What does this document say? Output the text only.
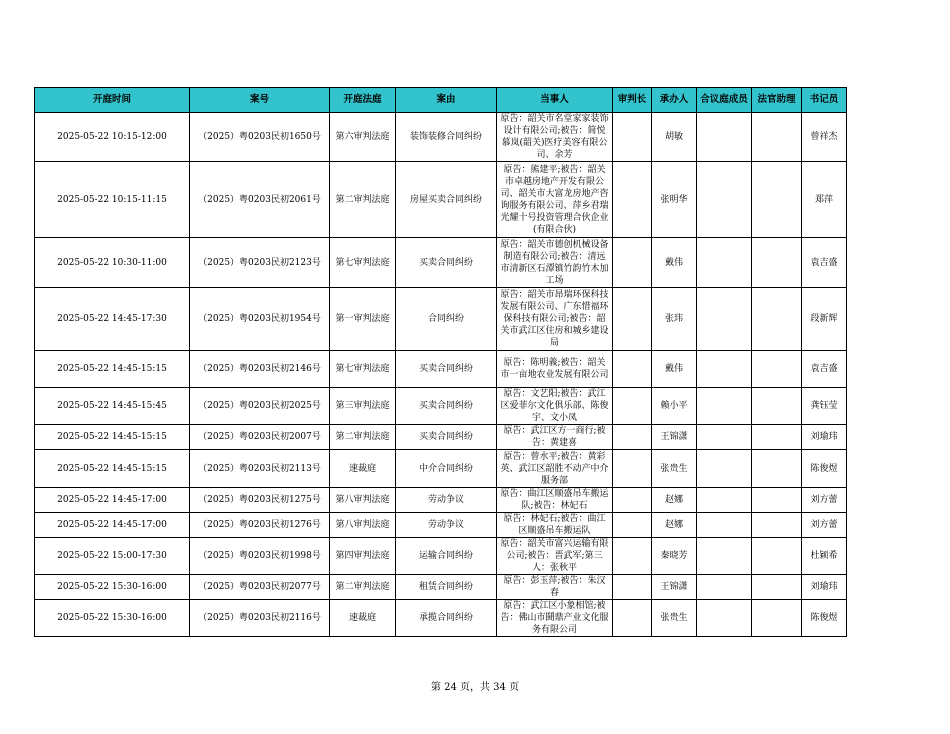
开庭时间	案号	开庭法庭	案由	当事人	审判长	承办人	合议庭成员	法官助理	书记员
2025-05-22 10:15-12:00	（2025）粤0203民初1650号	第六审判法庭	装饰装修合同纠纷	原告：韶关市名堂家家装饰设计有限公司;被告：简悦慕岚(韶关)医疗美容有限公司、余芳		胡敏			曾祥杰
2025-05-22 10:15-11:15	（2025）粤0203民初2061号	第二审判法庭	房屋买卖合同纠纷	原告：熊建平;被告：韶关市卓越房地产开发有限公司、韶关市大富龙房地产咨询服务有限公司、萍乡君瑞光耀十号投资管理合伙企业(有限合伙)		张明华			郑萍
2025-05-22 10:30-11:00	（2025）粤0203民初2123号	第七审判法庭	买卖合同纠纷	原告：韶关市德创机械设备制造有限公司;被告：清远市清新区石潭镇竹韵竹木加工场		戴伟			袁吉盛
2025-05-22 14:45-17:30	（2025）粤0203民初1954号	第一审判法庭	合同纠纷	原告：韶关市昂瑞环保科技发展有限公司、广东惜福环保科技有限公司;被告：韶关市武江区住房和城乡建设局		张玮			段新辉
2025-05-22 14:45-15:15	（2025）粤0203民初2146号	第七审判法庭	买卖合同纠纷	原告：陈明義;被告：韶关市一亩地农业发展有限公司		戴伟			袁吉盛
2025-05-22 14:45-15:45	（2025）粤0203民初2025号	第三审判法庭	买卖合同纠纷	原告：文艺阳;被告：武江区爱菲尔文化俱乐部、陈俊宇、文小凤		赖小平			龚钰莹
2025-05-22 14:45-15:15	（2025）粤0203民初2007号	第二审判法庭	买卖合同纠纷	原告：武江区方一商行;被告：黄建喜		王锦潇			刘瑜玮
2025-05-22 14:45-15:15	（2025）粤0203民初2113号	速裁庭	中介合同纠纷	原告：曾水平;被告：黄彩英、武江区韶胜不动产中介服务部		张贵生			陈俊煜
2025-05-22 14:45-17:00	（2025）粤0203民初1275号	第八审判法庭	劳动争议	原告：曲江区顺盛吊车搬运队;被告：林妃石		赵娜			刘方蕾
2025-05-22 14:45-17:00	（2025）粤0203民初1276号	第八审判法庭	劳动争议	原告：林妃石;被告：曲江区顺盛吊车搬运队		赵娜			刘方蕾
2025-05-22 15:00-17:30	（2025）粤0203民初1998号	第四审判法庭	运输合同纠纷	原告：韶关市富兴运输有限公司;被告：晋武军;第三人：张秋平		秦晓芳			杜颖希
2025-05-22 15:30-16:00	（2025）粤0203民初2077号	第二审判法庭	租赁合同纠纷	原告：彭玉萍;被告：朱汉春		王锦潇			刘瑜玮
2025-05-22 15:30-16:00	（2025）粤0203民初2116号	速裁庭	承揽合同纠纷	原告：武江区小象相馆;被告：佛山市鬪鼎产业文化服务有限公司		张贵生			陈俊煜
第 24 页，共 34 页
